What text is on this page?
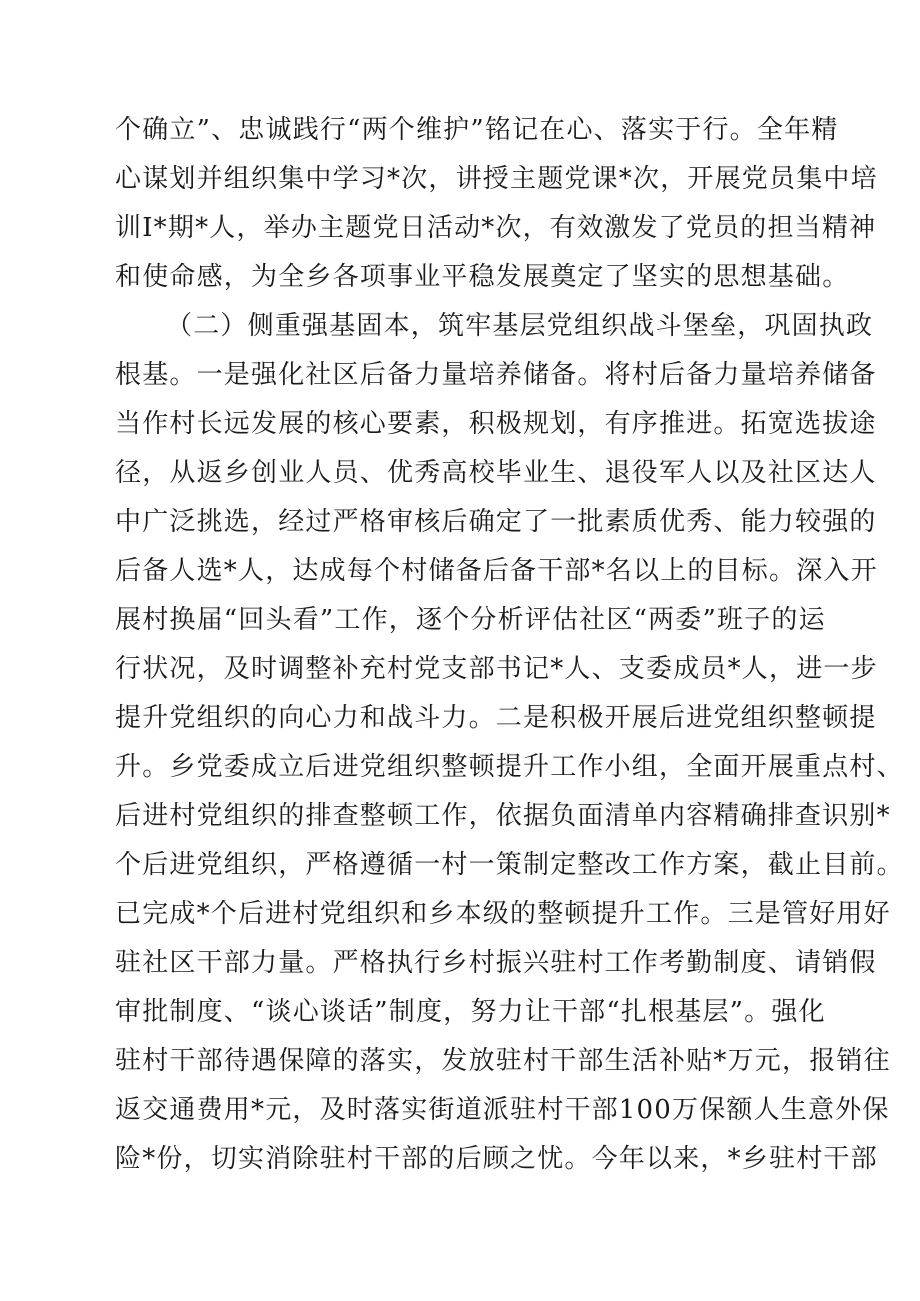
个确立”、忠诚践行“两个维护”铭记在心、落实于行。全年精
心谋划并组织集中学习*次，讲授主题党课*次，开展党员集中培
训I*期*人，举办主题党日活动*次，有效激发了党员的担当精神
和使命感，为全乡各项事业平稳发展奠定了坚实的思想基础。
（二）侧重强基固本，筑牢基层党组织战斗堡垒，巩固执政
根基。一是强化社区后备力量培养储备。将村后备力量培养储备
当作村长远发展的核心要素，积极规划，有序推进。拓宽选拔途
径，从返乡创业人员、优秀高校毕业生、退役军人以及社区达人
中广泛挑选，经过严格审核后确定了一批素质优秀、能力较强的
后备人选*人，达成每个村储备后备干部*名以上的目标。深入开
展村换届“回头看”工作，逐个分析评估社区“两委”班子的运
行状况，及时调整补充村党支部书记*人、支委成员*人，进一步
提升党组织的向心力和战斗力。二是积极开展后进党组织整顿提
升。乡党委成立后进党组织整顿提升工作小组，全面开展重点村、
后进村党组织的排查整顿工作，依据负面清单内容精确排查识别*
个后进党组织，严格遵循一村一策制定整改工作方案，截止目前。
已完成*个后进村党组织和乡本级的整顿提升工作。三是管好用好
驻社区干部力量。严格执行乡村振兴驻村工作考勤制度、请销假
审批制度、“谈心谈话”制度，努力让干部“扎根基层”。强化
驻村干部待遇保障的落实，发放驻村干部生活补贴*万元，报销往
返交通费用*元，及时落实街道派驻村干部100万保额人生意外保
险*份，切实消除驻村干部的后顾之忧。今年以来，*乡驻村干部
